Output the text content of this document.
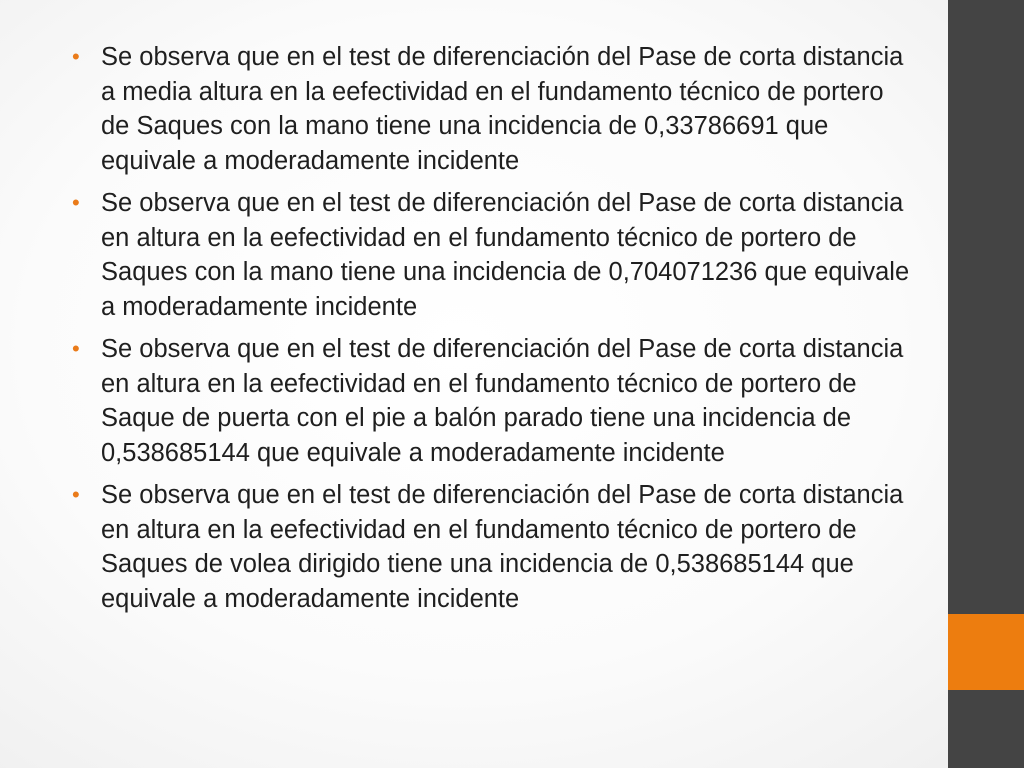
• Se observa que en el test de diferenciación del Pase de corta distancia a media altura en la eefectividad en el fundamento técnico de portero de Saques con la mano tiene una incidencia de 0,33786691 que equivale a moderadamente incidente
• Se observa que en el test de diferenciación del Pase de corta distancia en altura en la eefectividad en el fundamento técnico de portero de Saques con la mano tiene una incidencia de 0,704071236 que equivale a moderadamente incidente
• Se observa que en el test de diferenciación del Pase de corta distancia en altura en la eefectividad en el fundamento técnico de portero de Saque de puerta con el pie a balón parado tiene una incidencia de 0,538685144 que equivale a moderadamente incidente
• Se observa que en el test de diferenciación del Pase de corta distancia en altura en la eefectividad en el fundamento técnico de portero de Saques de volea dirigido tiene una incidencia de 0,538685144 que equivale a moderadamente incidente
